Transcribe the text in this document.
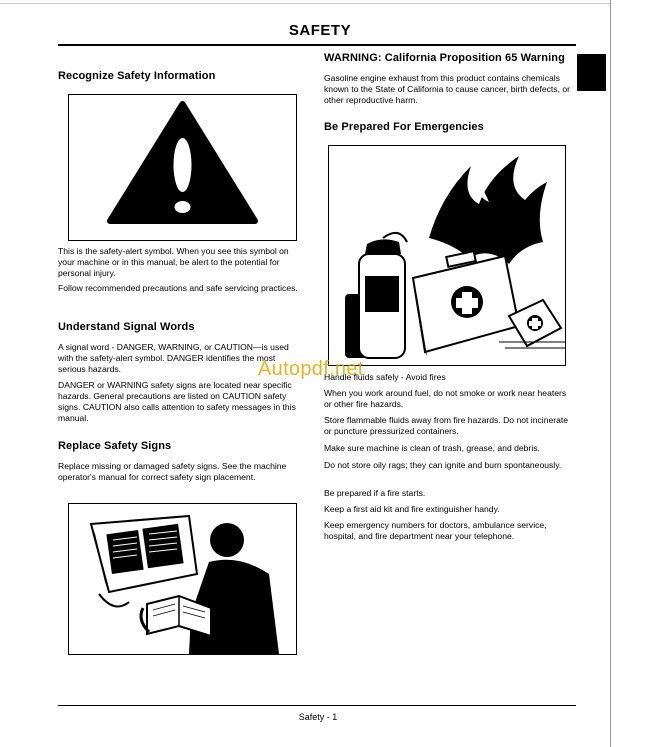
SAFETY
Recognize Safety Information

This is the safety-alert symbol. When you see this symbol on your machine or in this manual, be alert to the potential for personal injury.

Follow recommended precautions and safe servicing practices.

Understand Signal Words

A signal word - DANGER, WARNING, or CAUTION—is used with the safety-alert symbol. DANGER identifies the most serious hazards.

DANGER or WARNING safety signs are located near specific hazards. General precautions are listed on CAUTION safety signs. CAUTION also calls attention to safety messages in this manual.

Replace Safety Signs

Replace missing or damaged safety signs. See the machine operator's manual for correct safety sign placement.

WARNING: California Proposition 65 Warning

Gasoline engine exhaust from this product contains chemicals known to the State of California to cause cancer, birth defects, or other reproductive harm.

Be Prepared For Emergencies

Handle fluids safely - Avoid fires

When you work around fuel, do not smoke or work near heaters or other fire hazards.

Store flammable fluids away from fire hazards. Do not incinerate or puncture pressurized containers.

Make sure machine is clean of trash, grease, and debris.

Do not store oily rags; they can ignite and burn spontaneously.

Be prepared if a fire starts.

Keep a first aid kit and fire extinguisher handy.

Keep emergency numbers for doctors, ambulance service, hospital, and fire department near your telephone.

Autopdf.net
Safety - 1
